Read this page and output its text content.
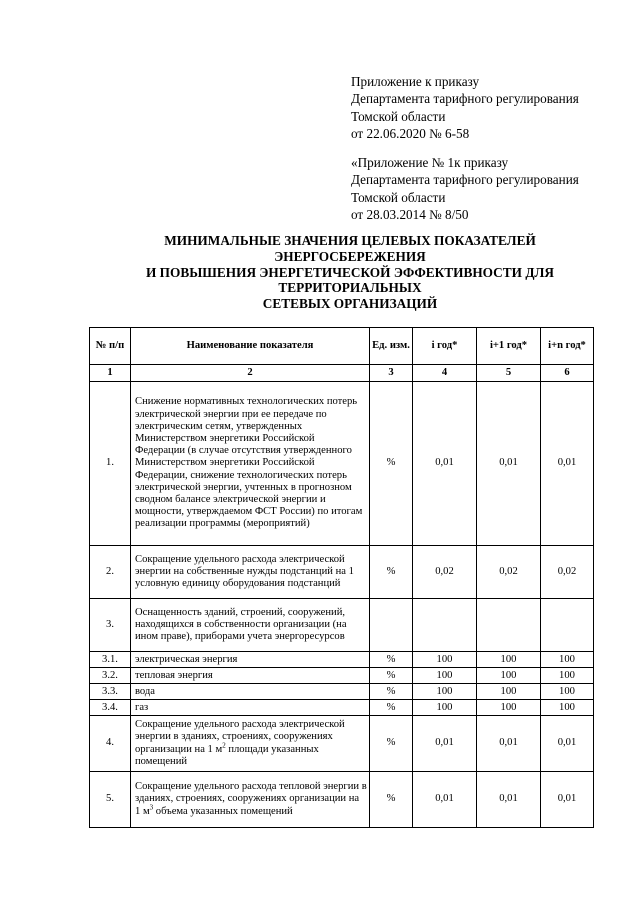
Приложение к приказу
Департамента тарифного регулирования
Томской области
от 22.06.2020 № 6-58
«Приложение № 1к приказу
Департамента тарифного регулирования
Томской области
от 28.03.2014 № 8/50
МИНИМАЛЬНЫЕ ЗНАЧЕНИЯ ЦЕЛЕВЫХ ПОКАЗАТЕЛЕЙ
ЭНЕРГОСБЕРЕЖЕНИЯ
И ПОВЫШЕНИЯ ЭНЕРГЕТИЧЕСКОЙ ЭФФЕКТИВНОСТИ ДЛЯ
ТЕРРИТОРИАЛЬНЫХ
СЕТЕВЫХ ОРГАНИЗАЦИЙ
№ п/п	Наименование показателя	Ед. изм.	i год*	i+1 год*	i+n год*
1	2	3	4	5	6
1.	Снижение нормативных технологических потерь электрической энергии при ее передаче по электрическим сетям, утвержденных Министерством энергетики Российской Федерации (в случае отсутствия утвержденного Министерством энергетики Российской Федерации, снижение технологических потерь электрической энергии, учтенных в прогнозном сводном балансе электрической энергии и мощности, утверждаемом ФСТ России) по итогам реализации программы (мероприятий)	%	0,01	0,01	0,01
2.	Сокращение удельного расхода электрической энергии на собственные нужды подстанций на 1 условную единицу оборудования подстанций	%	0,02	0,02	0,02
3.	Оснащенность зданий, строений, сооружений, находящихся в собственности организации (на ином праве), приборами учета энергоресурсов				
3.1.	электрическая энергия	%	100	100	100
3.2.	тепловая энергия	%	100	100	100
3.3.	вода	%	100	100	100
3.4.	газ	%	100	100	100
4.	Сокращение удельного расхода электрической энергии в зданиях, строениях, сооружениях организации на 1 $м^2$ площади указанных помещений	%	0,01	0,01	0,01
5.	Сокращение удельного расхода тепловой энергии в зданиях, строениях, сооружениях организации на 1 $м^3$ объема указанных помещений	%	0,01	0,01	0,01
